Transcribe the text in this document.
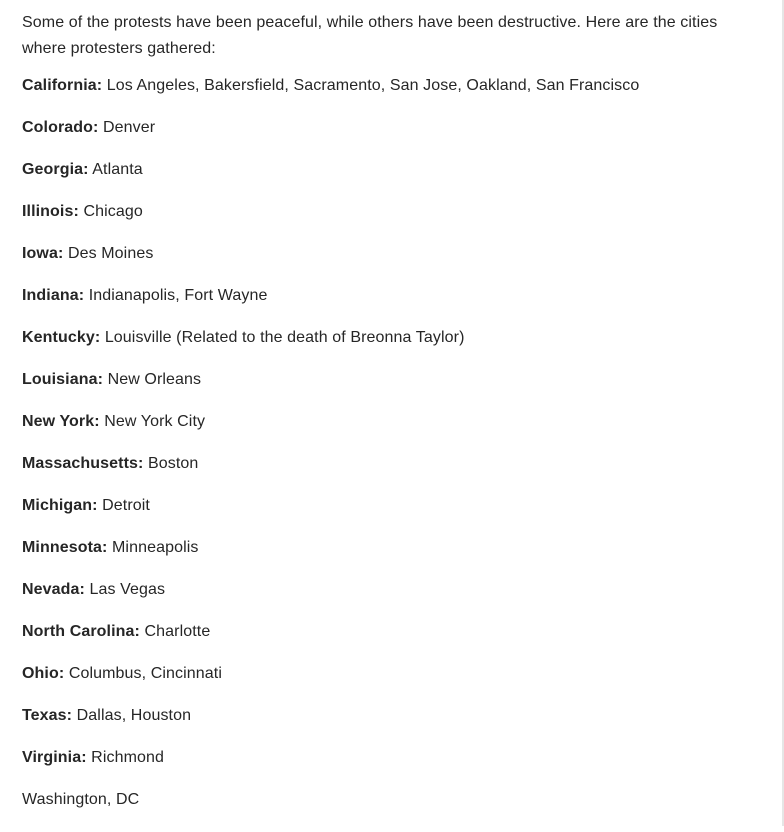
Some of the protests have been peaceful, while others have been destructive. Here are the cities where protesters gathered:

California: Los Angeles, Bakersfield, Sacramento, San Jose, Oakland, San Francisco
Colorado: Denver
Georgia: Atlanta
Illinois: Chicago
Iowa: Des Moines
Indiana: Indianapolis, Fort Wayne
Kentucky: Louisville (Related to the death of Breonna Taylor)
Louisiana: New Orleans
New York: New York City
Massachusetts: Boston
Michigan: Detroit
Minnesota: Minneapolis
Nevada: Las Vegas
North Carolina: Charlotte
Ohio: Columbus, Cincinnati
Texas: Dallas, Houston
Virginia: Richmond
Washington, DC
